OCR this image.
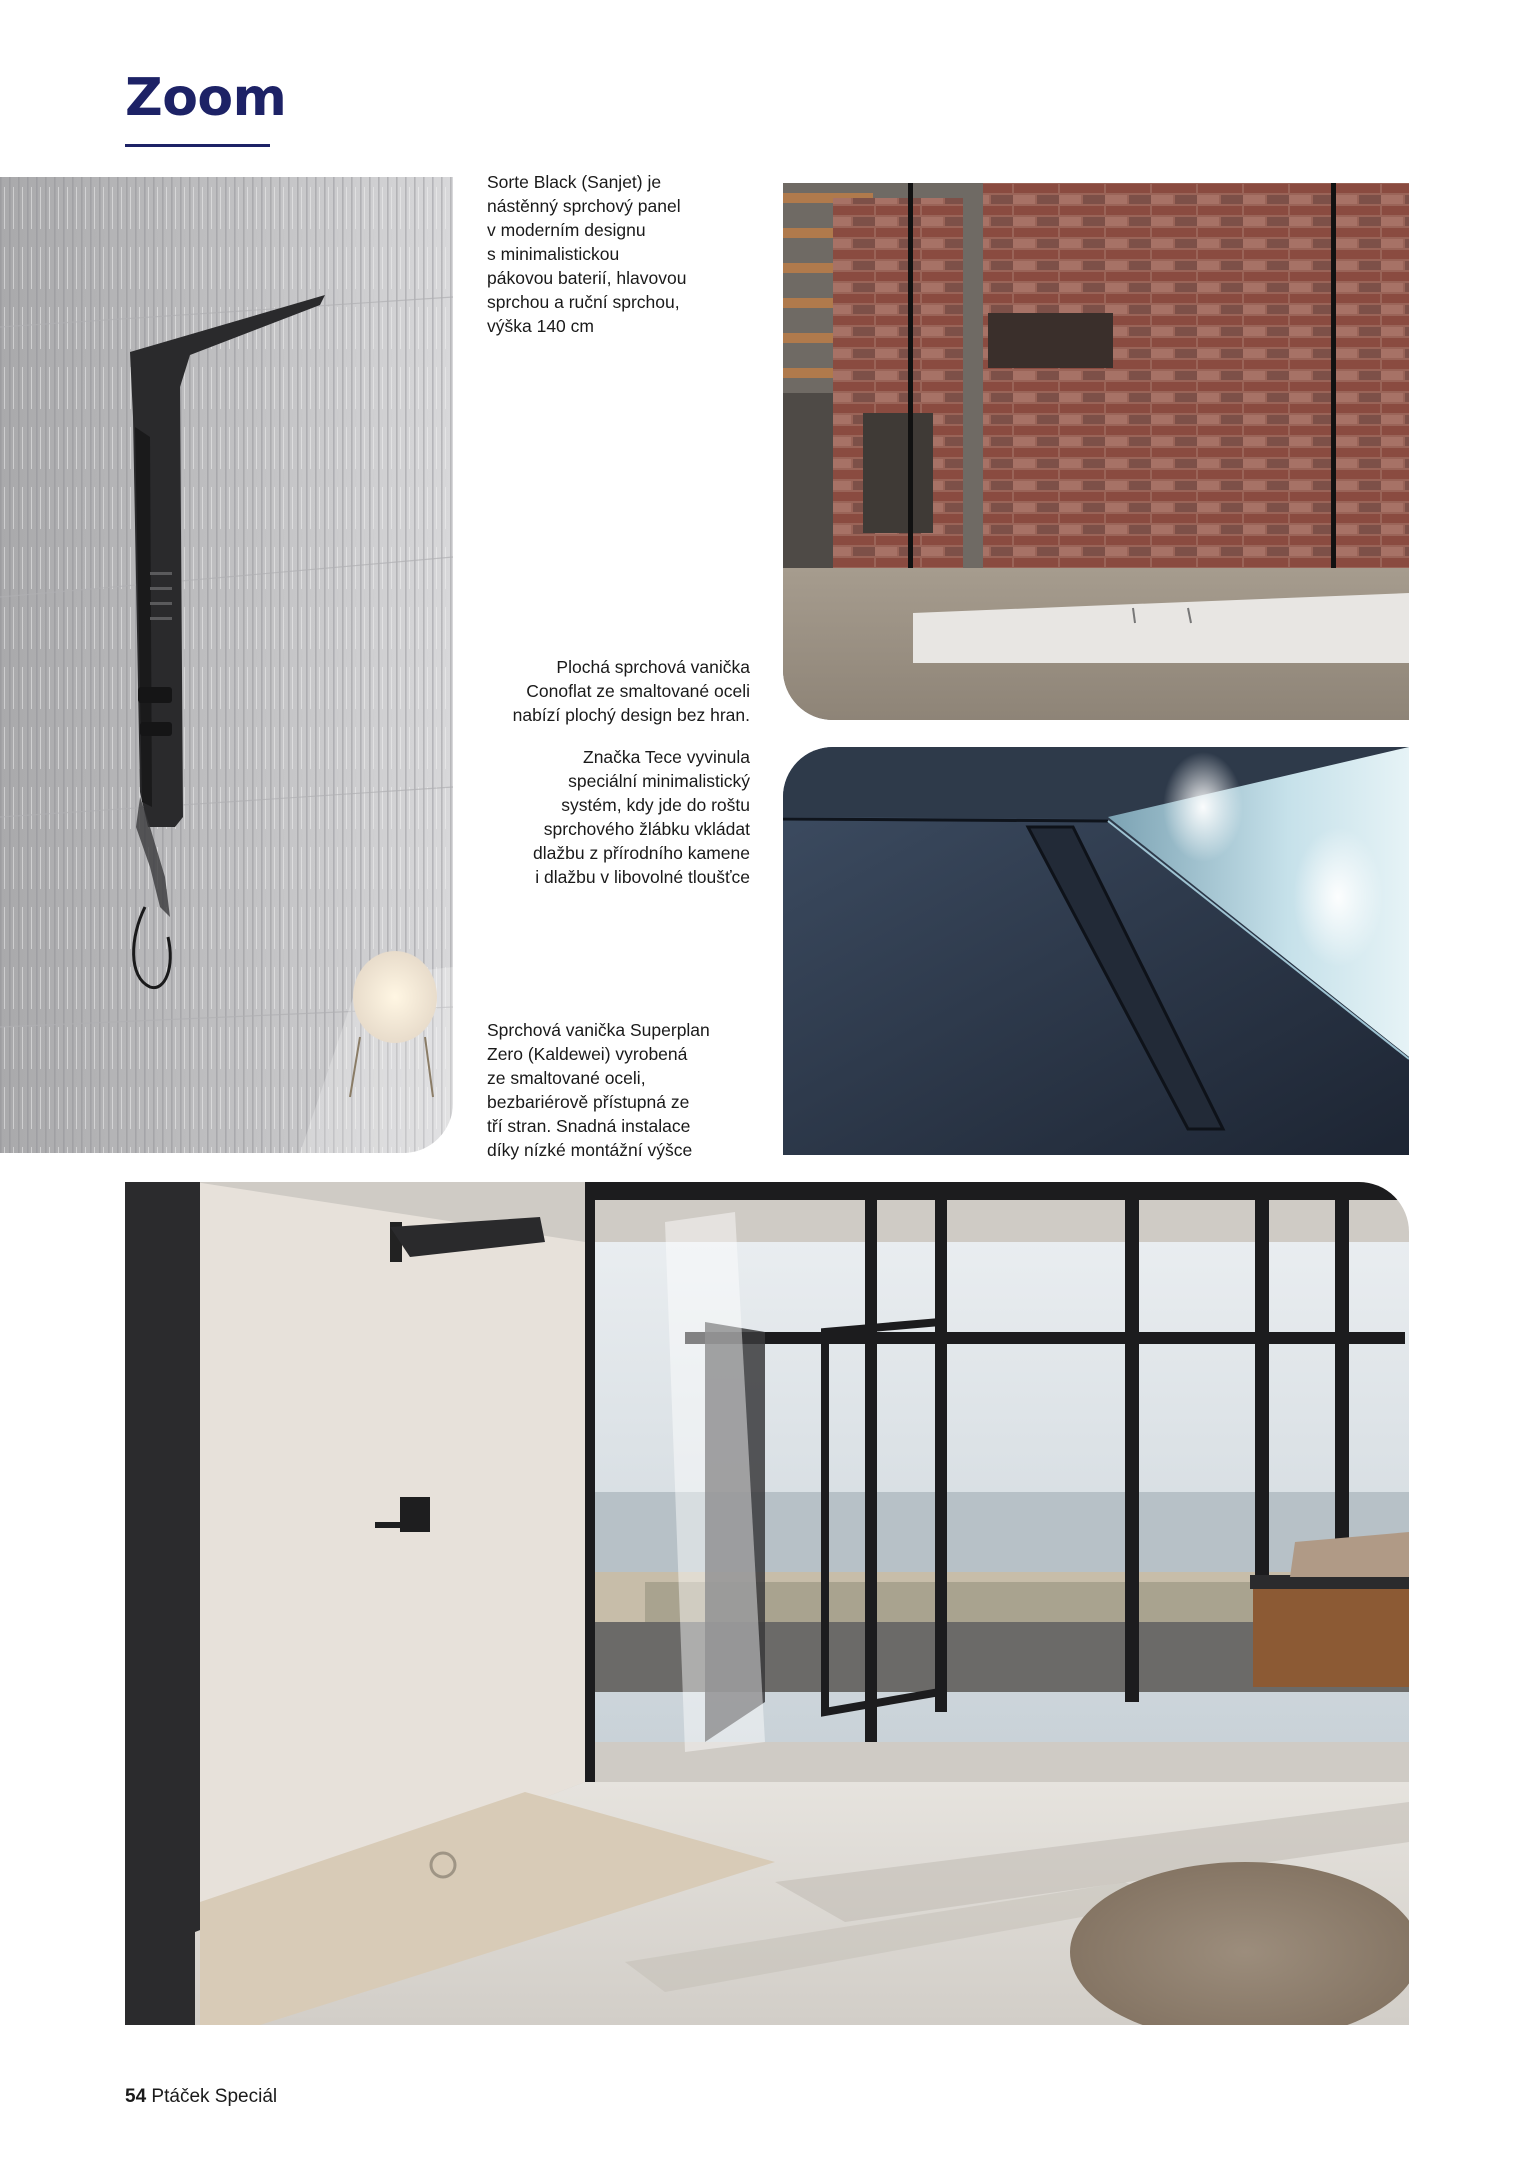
Zoom

Sorte Black (Sanjet) je
nástěnný sprchový panel
v moderním designu
s minimalistickou
pákovou baterií, hlavovou
sprchou a ruční sprchou,
výška 140 cm

Plochá sprchová vanička
Conoflat ze smaltované oceli
nabízí plochý design bez hran.

Značka Tece vyvinula
speciální minimalistický
systém, kdy jde do roštu
sprchového žlábku vkládat
dlažbu z přírodního kamene
i dlažbu v libovolné tloušťce

Sprchová vanička Superplan
Zero (Kaldewei) vyrobená
ze smaltované oceli,
bezbariérově přístupná ze
tří stran. Snadná instalace
díky nízké montážní výšce

54 Ptáček Speciál
